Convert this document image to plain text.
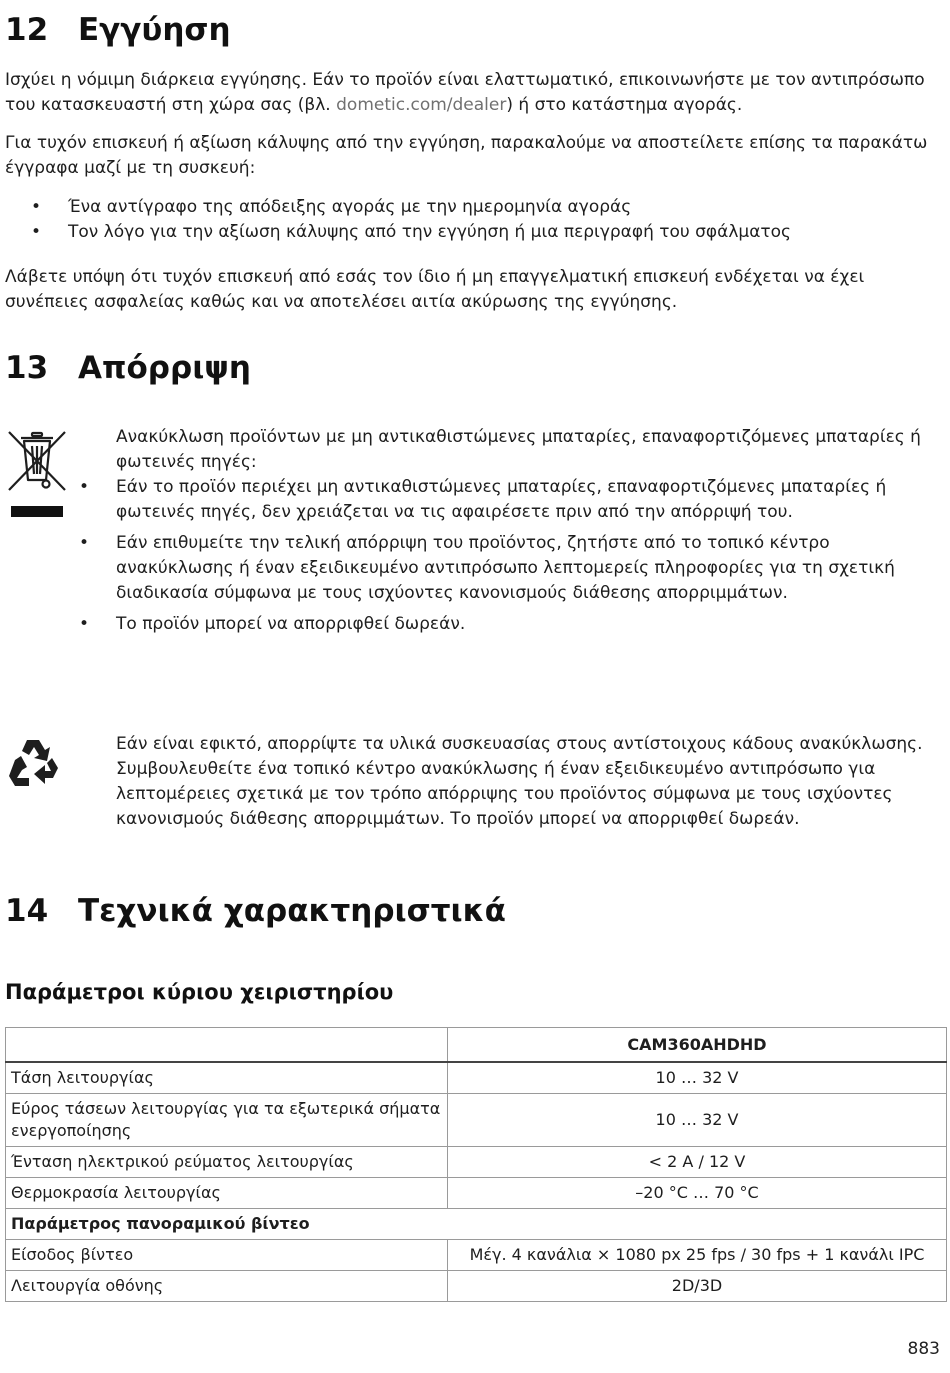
12 Εγγύηση

Ισχύει η νόμιμη διάρκεια εγγύησης. Εάν το προϊόν είναι ελαττωματικό, επικοινωνήστε με τον αντιπρόσωπο του κατασκευαστή στη χώρα σας (βλ. dometic.com/dealer) ή στο κατάστημα αγοράς.

Για τυχόν επισκευή ή αξίωση κάλυψης από την εγγύηση, παρακαλούμε να αποστείλετε επίσης τα παρακάτω έγγραφα μαζί με τη συσκευή:

• Ένα αντίγραφο της απόδειξης αγοράς με την ημερομηνία αγοράς
• Τον λόγο για την αξίωση κάλυψης από την εγγύηση ή μια περιγραφή του σφάλματος

Λάβετε υπόψη ότι τυχόν επισκευή από εσάς τον ίδιο ή μη επαγγελματική επισκευή ενδέχεται να έχει συνέπειες ασφαλείας καθώς και να αποτελέσει αιτία ακύρωσης της εγγύησης.

13 Απόρριψη

Ανακύκλωση προϊόντων με μη αντικαθιστώμενες μπαταρίες, επαναφορτιζόμενες μπαταρίες ή φωτεινές πηγές:

• Εάν το προϊόν περιέχει μη αντικαθιστώμενες μπαταρίες, επαναφορτιζόμενες μπαταρίες ή φωτεινές πηγές, δεν χρειάζεται να τις αφαιρέσετε πριν από την απόρριψή του.
• Εάν επιθυμείτε την τελική απόρριψη του προϊόντος, ζητήστε από το τοπικό κέντρο ανακύκλωσης ή έναν εξειδικευμένο αντιπρόσωπο λεπτομερείς πληροφορίες για τη σχετική διαδικασία σύμφωνα με τους ισχύοντες κανονισμούς διάθεσης απορριμμάτων.
• Το προϊόν μπορεί να απορριφθεί δωρεάν.

Εάν είναι εφικτό, απορρίψτε τα υλικά συσκευασίας στους αντίστοιχους κάδους ανακύκλωσης. Συμβουλευθείτε ένα τοπικό κέντρο ανακύκλωσης ή έναν εξειδικευμένο αντιπρόσωπο για λεπτομέρειες σχετικά με τον τρόπο απόρριψης του προϊόντος σύμφωνα με τους ισχύοντες κανονισμούς διάθεσης απορριμμάτων. Το προϊόν μπορεί να απορριφθεί δωρεάν.

14 Τεχνικά χαρακτηριστικά
Παράμετροι κύριου χειριστηρίου
	CAM360AHDHD
Τάση λειτουργίας	10 … 32 V
Εύρος τάσεων λειτουργίας για τα εξωτερικά σήματα ενεργοποίησης	10 … 32 V
Ένταση ηλεκτρικού ρεύματος λειτουργίας	< 2 A / 12 V
Θερμοκρασία λειτουργίας	–20 °C … 70 °C
Παράμετρος πανοραμικού βίντεο	
Είσοδος βίντεο	Μέγ. 4 κανάλια × 1080 px 25 fps / 30 fps + 1 κανάλι IPC
Λειτουργία οθόνης	2D/3D
883
